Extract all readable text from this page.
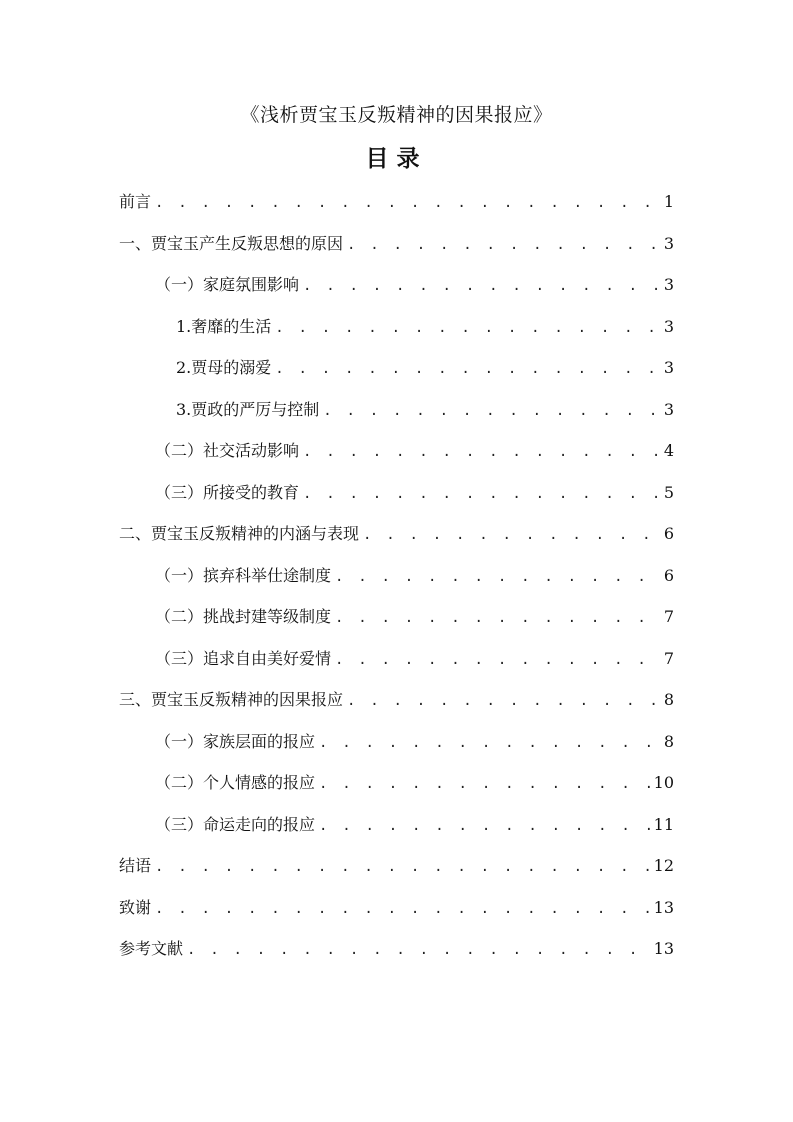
《浅析贾宝玉反叛精神的因果报应》
目录
前言 . . .	1
一、贾宝玉产生反叛思想的原因 . . .	3
（一）家庭氛围影响 . . .	3
1.奢靡的生活 . . .	3
2.贾母的溺爱 . . .	3
3.贾政的严厉与控制 . . .	3
（二）社交活动影响 . . .	4
（三）所接受的教育 . . .	5
二、贾宝玉反叛精神的内涵与表现 . . .	6
（一）摈弃科举仕途制度 . . .	6
（二）挑战封建等级制度 . . .	7
（三）追求自由美好爱情 . . .	7
三、贾宝玉反叛精神的因果报应 . . .	8
（一）家族层面的报应 . . .	8
（二）个人情感的报应 . . .	10
（三）命运走向的报应 . . .	11
结语 . . .	12
致谢 . . .	13
参考文献 . . .	13
